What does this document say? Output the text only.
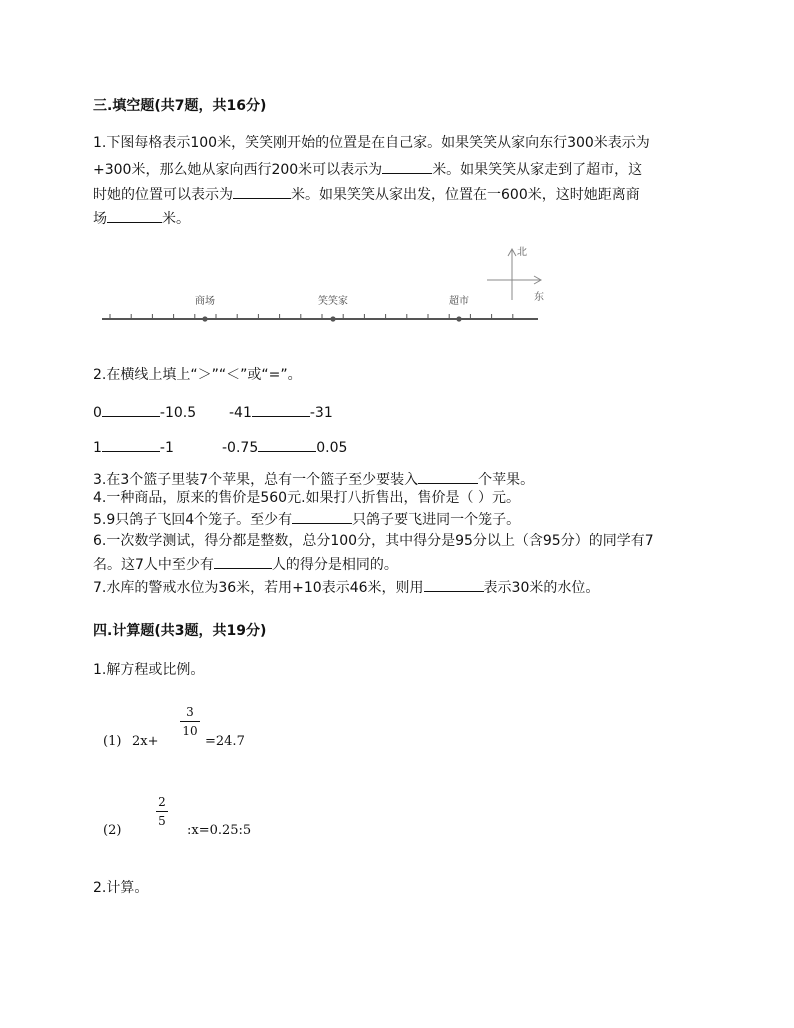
三.填空题(共7题，共16分)
1.下图每格表示100米，笑笑刚开始的位置是在自己家。如果笑笑从家向东行300米表示为
+300米，那么她从家向西行200米可以表示为	米。如果笑笑从家走到了超市，这
时她的位置可以表示为	米。如果笑笑从家出发，位置在一600米，这时她距离商
场	米。
商场	笑笑家	超市
北
东
2.在横线上填上“＞”“＜”或“=”。
0	-10.5 -41	-31
1	-1	-0.75	0.05
3.在3个篮子里装7个苹果，总有一个篮子至少要装入	个苹果。
4.一种商品，原来的售价是560元.如果打八折售出，售价是（ ）元。
5.9只鸽子飞回4个笼子。至少有	只鸽子要飞进同一个笼子。
6.一次数学测试，得分都是整数，总分100分，其中得分是95分以上（含95分）的同学有7
名。这7人中至少有	人的得分是相同的。
7.水库的警戒水位为36米，若用+10表示46米，则用	表示30米的水位。
四.计算题(共3题，共19分)
1.解方程或比例。
(1) 2x+
3
10
=24.7
(2)
2
5
:x=0.25:5
2.计算。
